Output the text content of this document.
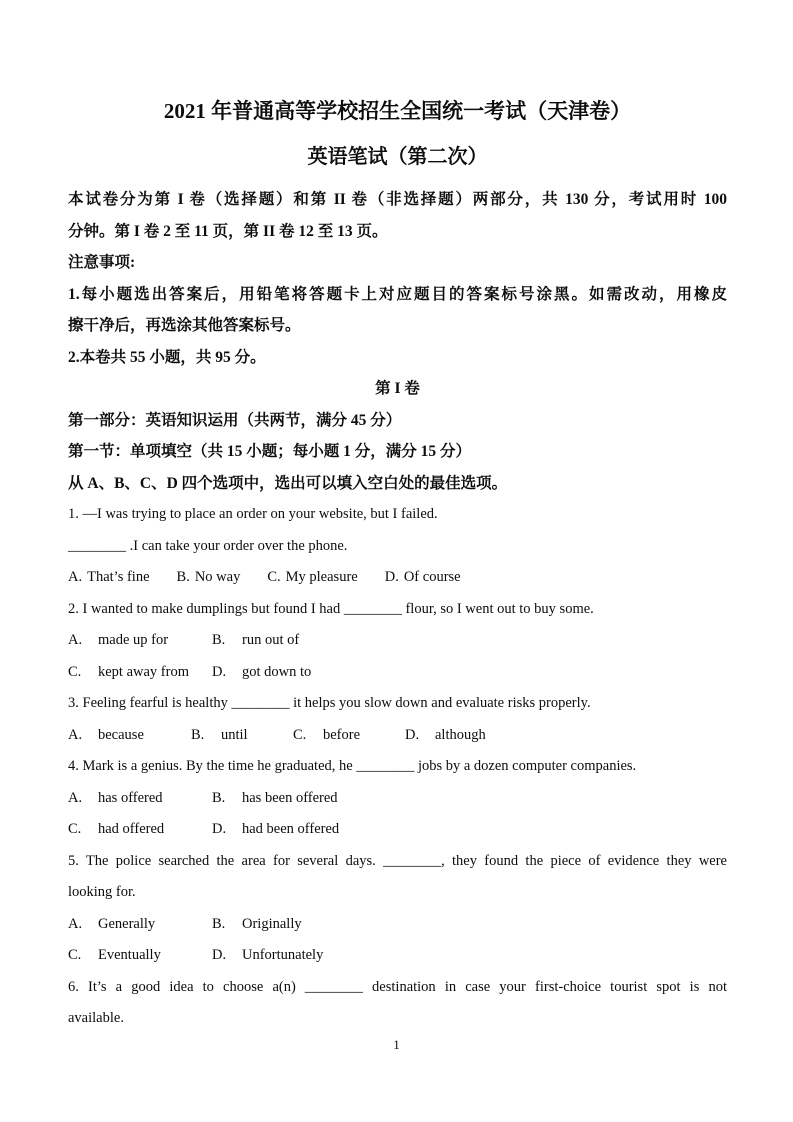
2021 年普通高等学校招生全国统一考试（天津卷）
英语笔试（第二次）

本试卷分为第 I 卷（选择题）和第 II 卷（非选择题）两部分，共 130 分，考试用时 100

分钟。第 I 卷 2 至 11 页，第 II 卷 12 至 13 页。

注意事项:

1.每小题选出答案后，用铅笔将答题卡上对应题目的答案标号涂黑。如需改动，用橡皮

擦干净后，再选涂其他答案标号。

2.本卷共 55 小题，共 95 分。

第 I 卷

第一部分：英语知识运用（共两节，满分 45 分）

第一节：单项填空（共 15 小题；每小题 1 分，满分 15 分）

从 A、B、C、D 四个选项中，选出可以填入空白处的最佳选项。

1. —I was trying to place an order on your website, but I failed.

________ .I can take your order over the phone.

A. That’s fine B. No way C. My pleasure D. Of course

2. I wanted to make dumplings but found I had ________ flour, so I went out to buy some.

A. made up for	B. run out of
C. kept away from	D. got down to

3. Feeling fearful is healthy ________ it helps you slow down and evaluate risks properly.

A. because	B. until	C. before	D. although

4. Mark is a genius. By the time he graduated, he ________ jobs by a dozen computer companies.

A. has offered	B. has been offered
C. had offered	D. had been offered

5. The police searched the area for several days. ________, they found the piece of evidence they were

looking for.

A. Generally	B. Originally
C. Eventually	D. Unfortunately

6. It’s a good idea to choose a(n) ________ destination in case your first-choice tourist spot is not

available.

1
